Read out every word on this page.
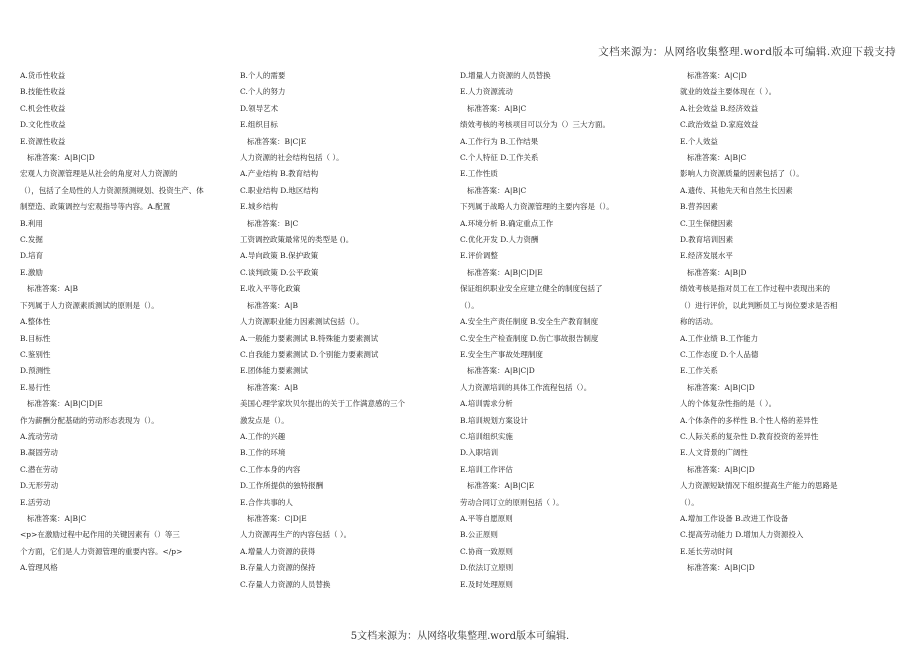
文档来源为：从网络收集整理.word版本可编辑.欢迎下载支持
A.货币性收益
B.技能性收益
C.机会性收益
D.文化性收益
E.资源性收益
标准答案：A|B|C|D
宏观人力资源管理是从社会的角度对人力资源的
（），包括了全局性的人力资源预测规划、投资生产、体
制塑造、政策调控与宏观指导等内容。A.配置
B.利用
C.发掘
D.培育
E.激励
标准答案：A|B
下列属于人力资源素质测试的原则是（）。
A.整体性
B.目标性
C.鉴别性
D.预测性
E.易行性
标准答案：A|B|C|D|E
作为薪酬分配基础的劳动形态表现为（）。
A.流动劳动
B.凝固劳动
C.潜在劳动
D.无形劳动
E.活劳动
标准答案：A|B|C
<p>在激励过程中起作用的关键因素有（）等三
个方面，它们是人力资源管理的重要内容。</p>
A.管理风格
B.个人的需要
C.个人的努力
D.领导艺术
E.组织目标
标准答案：B|C|E
人力资源的社会结构包括（ ）。
A.产业结构 B.教育结构
C.职业结构 D.地区结构
E.城乡结构
标准答案：B|C
工资调控政策最常见的类型是 ()。
A.导向政策 B.保护政策
C.谈判政策 D.公平政策
E.收入平等化政策
标准答案：A|B
人力资源职业能力因素测试包括（）。
A.一般能力要素测试 B.特殊能力要素测试
C.自我能力要素测试 D.个别能力要素测试
E.团体能力要素测试
标准答案：A|B
美国心理学家坎贝尔提出的关于工作满意感的三个
激发点是（）。
A.工作的兴趣
B.工作的环境
C.工作本身的内容
D.工作所提供的独特报酬
E.合作共事的人
标准答案：C|D|E
人力资源再生产的内容包括（ ）。
A.增量人力资源的获得
B.存量人力资源的保持
C.存量人力资源的人员替换
D.增量人力资源的人员替换
E.人力资源流动
标准答案：A|B|C
绩效考核的考核项目可以分为（）三大方面。
A.工作行为 B.工作结果
C.个人特征 D.工作关系
E.工作性质
标准答案：A|B|C
下列属于战略人力资源管理的主要内容是（）。
A.环境分析 B.确定重点工作
C.优化开发 D.人力资酬
E.评价调整
标准答案：A|B|C|D|E
保证组织职业安全应建立健全的制度包括了
（）。
A.安全生产责任制度 B.安全生产教育制度
C.安全生产检查制度 D.伤亡事故报告制度
E.安全生产事故处理制度
标准答案：A|B|C|D
人力资源培训的具体工作流程包括（）。
A.培训需求分析
B.培训规划方案设计
C.培训组织实施
D.入职培训
E.培训工作评估
标准答案：A|B|C|E
劳动合同订立的原则包括（ ）。
A.平等自愿原则
B.公正原则
C.协商一致原则
D.依法订立原则
E.及时处理原则
标准答案：A|C|D
就业的效益主要体现在（ ）。
A.社会效益 B.经济效益
C.政治效益 D.家庭效益
E.个人效益
标准答案：A|B|C
影响人力资源质量的因素包括了（）。
A.遗传、其他先天和自然生长因素
B.营养因素
C.卫生保健因素
D.教育培训因素
E.经济发展水平
标准答案：A|B|D
绩效考核是指对员工在工作过程中表现出来的
（）进行评价，以此判断员工与岗位要求是否相
称的活动。
A.工作业绩 B.工作能力
C.工作态度 D.个人品德
E.工作关系
标准答案：A|B|C|D
人的个体复杂性指的是（ ）。
A.个体条件的多样性 B.个性人格的差异性
C.人际关系的复杂性 D.教育投资的差异性
E.人文背景的广阔性
标准答案：A|B|C|D
人力资源短缺情况下组织提高生产能力的思路是
（）。
A.增加工作设备 B.改进工作设备
C.提高劳动能力 D.增加人力资源投入
E.延长劳动时间
标准答案：A|B|C|D
5文档来源为：从网络收集整理.word版本可编辑.
